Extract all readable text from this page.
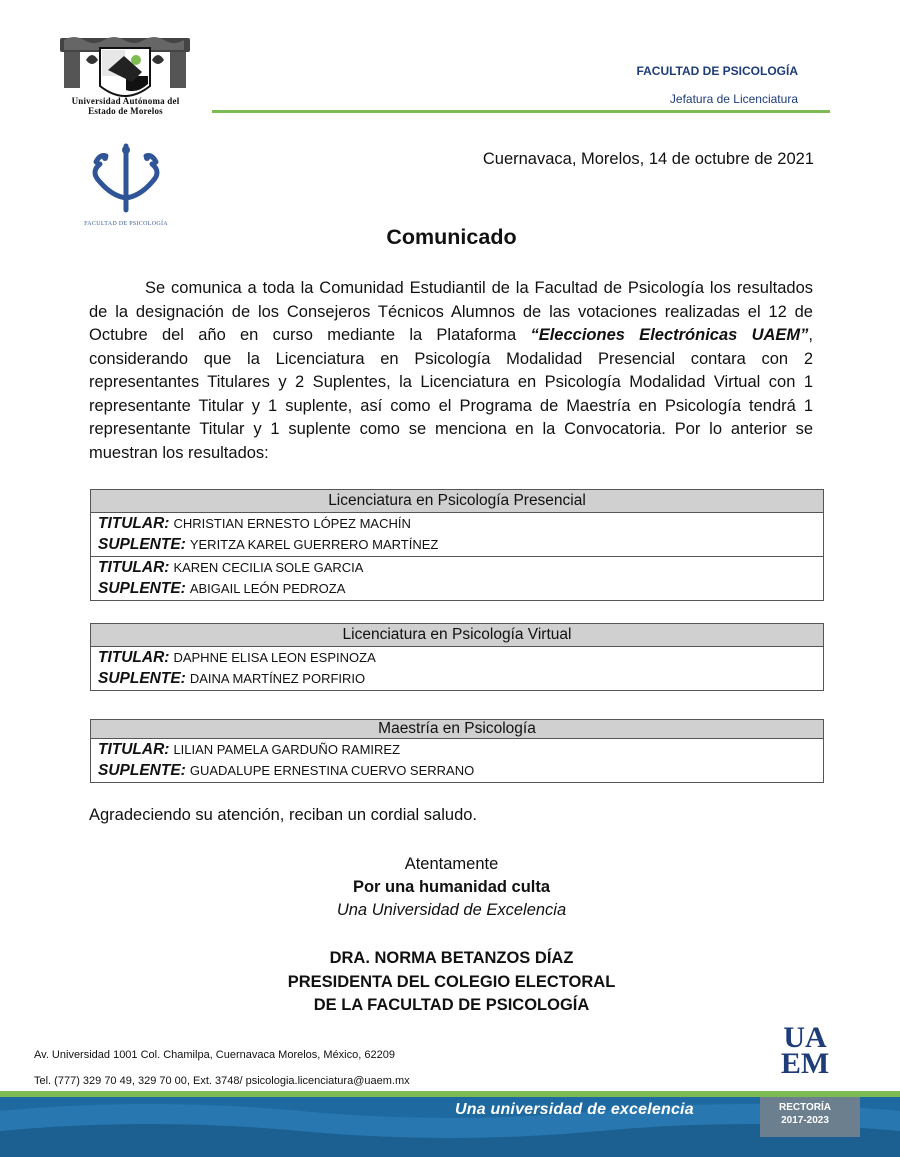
Universidad Autónoma del
Estado de Morelos
FACULTAD DE PSICOLOGÍA
Jefatura de Licenciatura
FACULTAD DE PSICOLOGÍA
Cuernavaca, Morelos, 14 de octubre de 2021
Comunicado
Se comunica a toda la Comunidad Estudiantil de la Facultad de Psicología los resultados de la designación de los Consejeros Técnicos Alumnos de las votaciones realizadas el 12 de Octubre del año en curso mediante la Plataforma “Elecciones Electrónicas UAEM”, considerando que la Licenciatura en Psicología Modalidad Presencial contara con 2 representantes Titulares y 2 Suplentes, la Licenciatura en Psicología Modalidad Virtual con 1 representante Titular y 1 suplente, así como el Programa de Maestría en Psicología tendrá 1 representante Titular y 1 suplente como se menciona en la Convocatoria. Por lo anterior se muestran los resultados:
Licenciatura en Psicología Presencial
TITULAR: CHRISTIAN ERNESTO LÓPEZ MACHÍN
SUPLENTE: YERITZA KAREL GUERRERO MARTÍNEZ
TITULAR: KAREN CECILIA SOLE GARCIA
SUPLENTE: ABIGAIL LEÓN PEDROZA
Licenciatura en Psicología Virtual
TITULAR: DAPHNE ELISA LEON ESPINOZA
SUPLENTE: DAINA MARTÍNEZ PORFIRIO
Maestría en Psicología
TITULAR: LILIAN PAMELA GARDUÑO RAMIREZ
SUPLENTE: GUADALUPE ERNESTINA CUERVO SERRANO
Agradeciendo su atención, reciban un cordial saludo.
Atentamente
Por una humanidad culta
Una Universidad de Excelencia
DRA. NORMA BETANZOS DÍAZ
PRESIDENTA DEL COLEGIO ELECTORAL
DE LA FACULTAD DE PSICOLOGÍA
Av. Universidad 1001 Col. Chamilpa, Cuernavaca Morelos, México, 62209
Tel. (777) 329 70 49, 329 70 00, Ext. 3748/ psicologia.licenciatura@uaem.mx
UA
EM
Una universidad de excelencia	RECTORÍA
2017-2023
